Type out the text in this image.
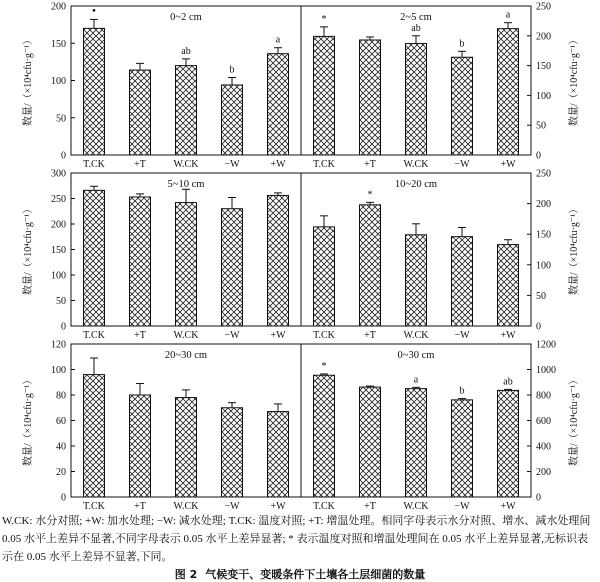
0
50
100
150
200
数量/（×10⁴cfu·g⁻¹）
0~2 cm
•
T.CK	+T
ab
W.CK
b
−W
a
+W
0
50
100
150
200
250
数量/（×10⁴cfu·g⁻¹）
2~5 cm
*
T.CK	+T
ab
W.CK
b
−W
a
+W
0
50
100
150
200
250
300
数量/（×10⁴cfu·g⁻¹）
5~10 cm
T.CK	+T	W.CK	−W	+W
0
50
100
150
200
250
数量/（×10⁴cfu·g⁻¹）
10~20 cm
T.CK
*
+T	W.CK	−W	+W
0
20
40
60
80
100
120
数量/（×10⁴cfu·g⁻¹）
20~30 cm
T.CK	+T	W.CK	−W	+W
0
200
400
600
800
1000
1200
数量/（×10⁴cfu·g⁻¹）
0~30 cm
*
T.CK	+T
a
W.CK
b
−W
ab
+W

W.CK: 水分对照; +W: 加水处理; −W: 减水处理; T.CK: 温度对照; +T: 增温处理。相同字母表示水分对照、增水、减水处理间 0.05 水平上差异不显著,不同字母表示 0.05 水平上差异显著; * 表示温度对照和增温处理间在 0.05 水平上差异显著,无标识表示在 0.05 水平上差异不显著,下同。

图 2 气候变干、变暖条件下土壤各土层细菌的数量
